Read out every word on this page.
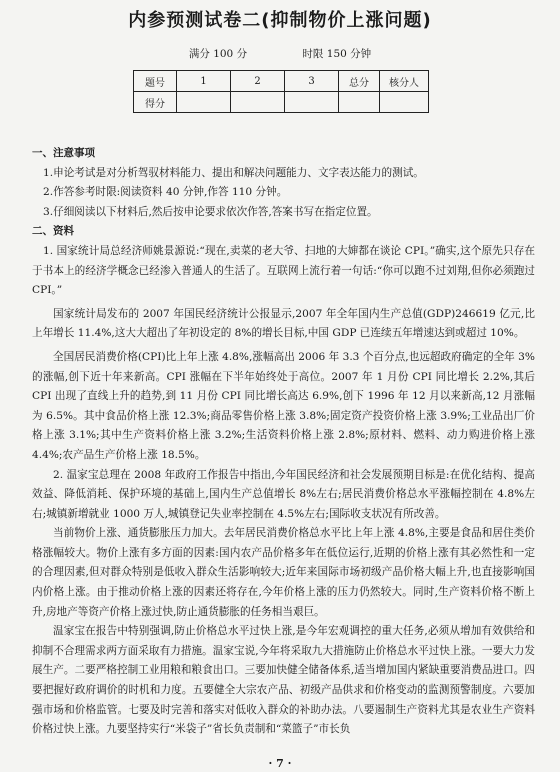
内参预测试卷二(抑制物价上涨问题)
满分 100 分	时限 150 分钟
题号	1	2	3	总分	核分人
得分					

一、注意事项

1.申论考试是对分析驾驭材料能力、提出和解决问题能力、文字表达能力的测试。

2.作答参考时限:阅读资料 40 分钟,作答 110 分钟。

3.仔细阅读以下材料后,然后按申论要求依次作答,答案书写在指定位置。

二、资料

1. 国家统计局总经济师姚景源说:“现在,卖菜的老大爷、扫地的大婶都在谈论 CPI。”确实,这个原先只存在于书本上的经济学概念已经渗入普通人的生活了。互联网上流行着一句话:“你可以跑不过刘翔,但你必须跑过 CPI。”

国家统计局发布的 2007 年国民经济统计公报显示,2007 年全年国内生产总值(GDP)246619 亿元,比上年增长 11.4%,这大大超出了年初设定的 8%的增长目标,中国 GDP 已连续五年增速达到或超过 10%。

全国居民消费价格(CPI)比上年上涨 4.8%,涨幅高出 2006 年 3.3 个百分点,也远超政府确定的全年 3%的涨幅,创下近十年来新高。CPI 涨幅在下半年始终处于高位。2007 年 1 月份 CPI 同比增长 2.2%,其后 CPI 出现了直线上升的趋势,到 11 月份 CPI 同比增长高达 6.9%,创下 1996 年 12 月以来新高,12 月涨幅为 6.5%。其中食品价格上涨 12.3%;商品零售价格上涨 3.8%;固定资产投资价格上涨 3.9%;工业品出厂价格上涨 3.1%;其中生产资料价格上涨 3.2%;生活资料价格上涨 2.8%;原材料、燃料、动力购进价格上涨 4.4%;农产品生产价格上涨 18.5%。

2. 温家宝总理在 2008 年政府工作报告中指出,今年国民经济和社会发展预期目标是:在优化结构、提高效益、降低消耗、保护环境的基础上,国内生产总值增长 8%左右;居民消费价格总水平涨幅控制在 4.8%左右;城镇新增就业 1000 万人,城镇登记失业率控制在 4.5%左右;国际收支状况有所改善。

当前物价上涨、通货膨胀压力加大。去年居民消费价格总水平比上年上涨 4.8%,主要是食品和居住类价格涨幅较大。物价上涨有多方面的因素:国内农产品价格多年在低位运行,近期的价格上涨有其必然性和一定的合理因素,但对群众特别是低收入群众生活影响较大;近年来国际市场初级产品价格大幅上升,也直接影响国内价格上涨。由于推动价格上涨的因素还将存在,今年价格上涨的压力仍然较大。同时,生产资料价格不断上升,房地产等资产价格上涨过快,防止通货膨胀的任务相当艰巨。

温家宝在报告中特别强调,防止价格总水平过快上涨,是今年宏观调控的重大任务,必须从增加有效供给和抑制不合理需求两方面采取有力措施。温家宝说,今年将采取九大措施防止价格总水平过快上涨。一要大力发展生产。二要严格控制工业用粮和粮食出口。三要加快健全储备体系,适当增加国内紧缺重要消费品进口。四要把握好政府调价的时机和力度。五要健全大宗农产品、初级产品供求和价格变动的监测预警制度。六要加强市场和价格监管。七要及时完善和落实对低收入群众的补助办法。八要遏制生产资料尤其是农业生产资料价格过快上涨。九要坚持实行“米袋子”省长负责制和“菜篮子”市长负

· 7 ·
